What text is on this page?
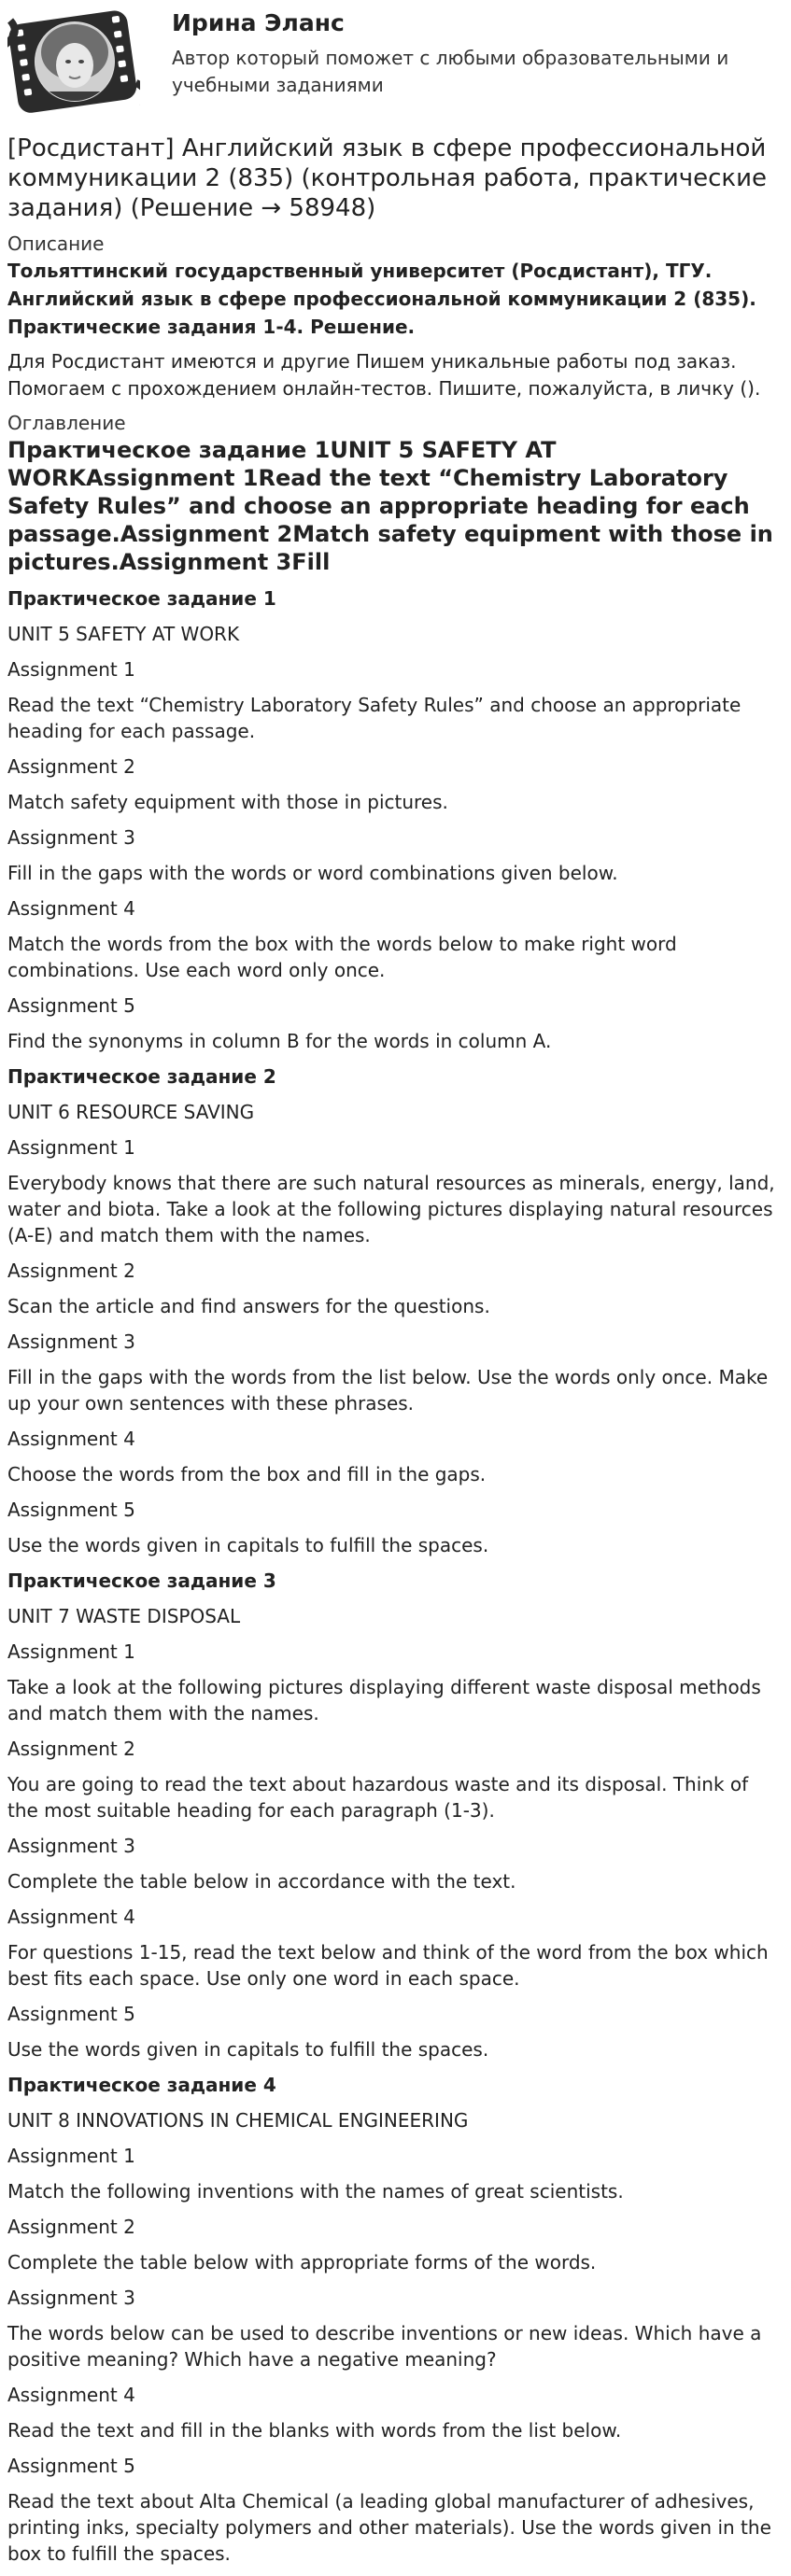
Ирина Эланс
Автор который поможет с любыми образовательными и учебными заданиями
[Росдистант] Английский язык в сфере профессиональной коммуникации 2 (835) (контрольная работа, практические задания) (Решение → 58948)
Описание
Тольяттинский государственный университет (Росдистант), ТГУ.
Английский язык в сфере профессиональной коммуникации 2 (835).
Практические задания 1-4. Решение.
Для Росдистант имеются и другие Пишем уникальные работы под заказ. Помогаем с прохождением онлайн-тестов. Пишите, пожалуйста, в личку ().
Оглавление
Практическое задание 1UNIT 5 SAFETY AT WORKAssignment 1Read the text “Chemistry Laboratory Safety Rules” and choose an appropriate heading for each passage.Assignment 2Match safety equipment with those in pictures.Assignment 3Fill
Практическое задание 1
UNIT 5 SAFETY AT WORK
Assignment 1
Read the text “Chemistry Laboratory Safety Rules” and choose an appropriate heading for each passage.
Assignment 2
Match safety equipment with those in pictures.
Assignment 3
Fill in the gaps with the words or word combinations given below.
Assignment 4
Match the words from the box with the words below to make right word combinations. Use each word only once.
Assignment 5
Find the synonyms in column B for the words in column A.
Практическое задание 2
UNIT 6 RESOURCE SAVING
Assignment 1
Everybody knows that there are such natural resources as minerals, energy, land, water and biota. Take a look at the following pictures displaying natural resources (A-E) and match them with the names.
Assignment 2
Scan the article and find answers for the questions.
Assignment 3
Fill in the gaps with the words from the list below. Use the words only once. Make up your own sentences with these phrases.
Assignment 4
Choose the words from the box and fill in the gaps.
Assignment 5
Use the words given in capitals to fulfill the spaces.
Практическое задание 3
UNIT 7 WASTE DISPOSAL
Assignment 1
Take a look at the following pictures displaying different waste disposal methods and match them with the names.
Assignment 2
You are going to read the text about hazardous waste and its disposal. Think of the most suitable heading for each paragraph (1-3).
Assignment 3
Complete the table below in accordance with the text.
Assignment 4
For questions 1-15, read the text below and think of the word from the box which best fits each space. Use only one word in each space.
Assignment 5
Use the words given in capitals to fulfill the spaces.
Практическое задание 4
UNIT 8 INNOVATIONS IN CHEMICAL ENGINEERING
Assignment 1
Match the following inventions with the names of great scientists.
Assignment 2
Complete the table below with appropriate forms of the words.
Assignment 3
The words below can be used to describe inventions or new ideas. Which have a positive meaning? Which have a negative meaning?
Assignment 4
Read the text and fill in the blanks with words from the list below.
Assignment 5
Read the text about Alta Chemical (a leading global manufacturer of adhesives, printing inks, specialty polymers and other materials). Use the words given in the box to fulfill the spaces.
